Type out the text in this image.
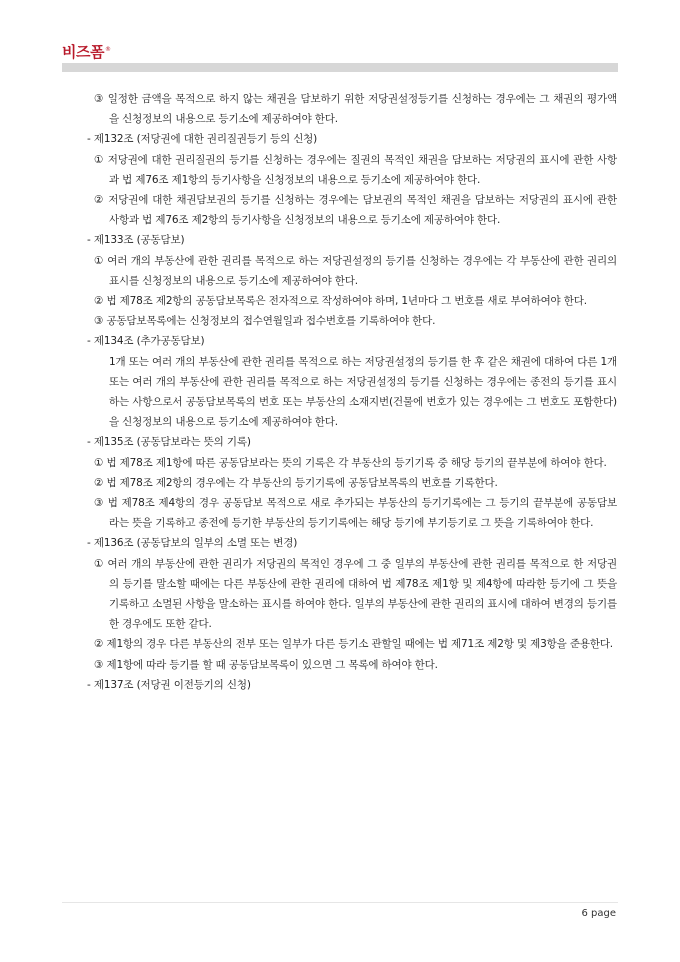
비즈폼®
③ 일정한 금액을 목적으로 하지 않는 채권을 담보하기 위한 저당권설정등기를 신청하는 경우에는 그 채권의 평가액을 신청정보의 내용으로 등기소에 제공하여야 한다.
- 제132조 (저당권에 대한 권리질권등기 등의 신청)
① 저당권에 대한 권리질권의 등기를 신청하는 경우에는 질권의 목적인 채권을 담보하는 저당권의 표시에 관한 사항과 법 제76조 제1항의 등기사항을 신청정보의 내용으로 등기소에 제공하여야 한다.
② 저당권에 대한 채권담보권의 등기를 신청하는 경우에는 담보권의 목적인 채권을 담보하는 저당권의 표시에 관한 사항과 법 제76조 제2항의 등기사항을 신청정보의 내용으로 등기소에 제공하여야 한다.
- 제133조 (공동담보)
① 여러 개의 부동산에 관한 권리를 목적으로 하는 저당권설정의 등기를 신청하는 경우에는 각 부동산에 관한 권리의 표시를 신청정보의 내용으로 등기소에 제공하여야 한다.
② 법 제78조 제2항의 공동담보목록은 전자적으로 작성하여야 하며, 1년마다 그 번호를 새로 부여하여야 한다.
③ 공동담보목록에는 신청정보의 접수연월일과 접수번호를 기록하여야 한다.
- 제134조 (추가공동담보)
1개 또는 여러 개의 부동산에 관한 권리를 목적으로 하는 저당권설정의 등기를 한 후 같은 채권에 대하여 다른 1개 또는 여러 개의 부동산에 관한 권리를 목적으로 하는 저당권설정의 등기를 신청하는 경우에는 종전의 등기를 표시하는 사항으로서 공동담보목록의 번호 또는 부동산의 소재지번(건물에 번호가 있는 경우에는 그 번호도 포함한다)을 신청정보의 내용으로 등기소에 제공하여야 한다.
- 제135조 (공동담보라는 뜻의 기록)
① 법 제78조 제1항에 따른 공동담보라는 뜻의 기록은 각 부동산의 등기기록 중 해당 등기의 끝부분에 하여야 한다.
② 법 제78조 제2항의 경우에는 각 부동산의 등기기록에 공동담보목록의 번호를 기록한다.
③ 법 제78조 제4항의 경우 공동담보 목적으로 새로 추가되는 부동산의 등기기록에는 그 등기의 끝부분에 공동담보라는 뜻을 기록하고 종전에 등기한 부동산의 등기기록에는 해당 등기에 부기등기로 그 뜻을 기록하여야 한다.
- 제136조 (공동담보의 일부의 소멸 또는 변경)
① 여러 개의 부동산에 관한 권리가 저당권의 목적인 경우에 그 중 일부의 부동산에 관한 권리를 목적으로 한 저당권의 등기를 말소할 때에는 다른 부동산에 관한 권리에 대하여 법 제78조 제1항 및 제4항에 따라한 등기에 그 뜻을 기록하고 소멸된 사항을 말소하는 표시를 하여야 한다. 일부의 부동산에 관한 권리의 표시에 대하여 변경의 등기를 한 경우에도 또한 같다.
② 제1항의 경우 다른 부동산의 전부 또는 일부가 다른 등기소 관할일 때에는 법 제71조 제2항 및 제3항을 준용한다.
③ 제1항에 따라 등기를 할 때 공동담보목록이 있으면 그 목록에 하여야 한다.
- 제137조 (저당권 이전등기의 신청)
6 page
